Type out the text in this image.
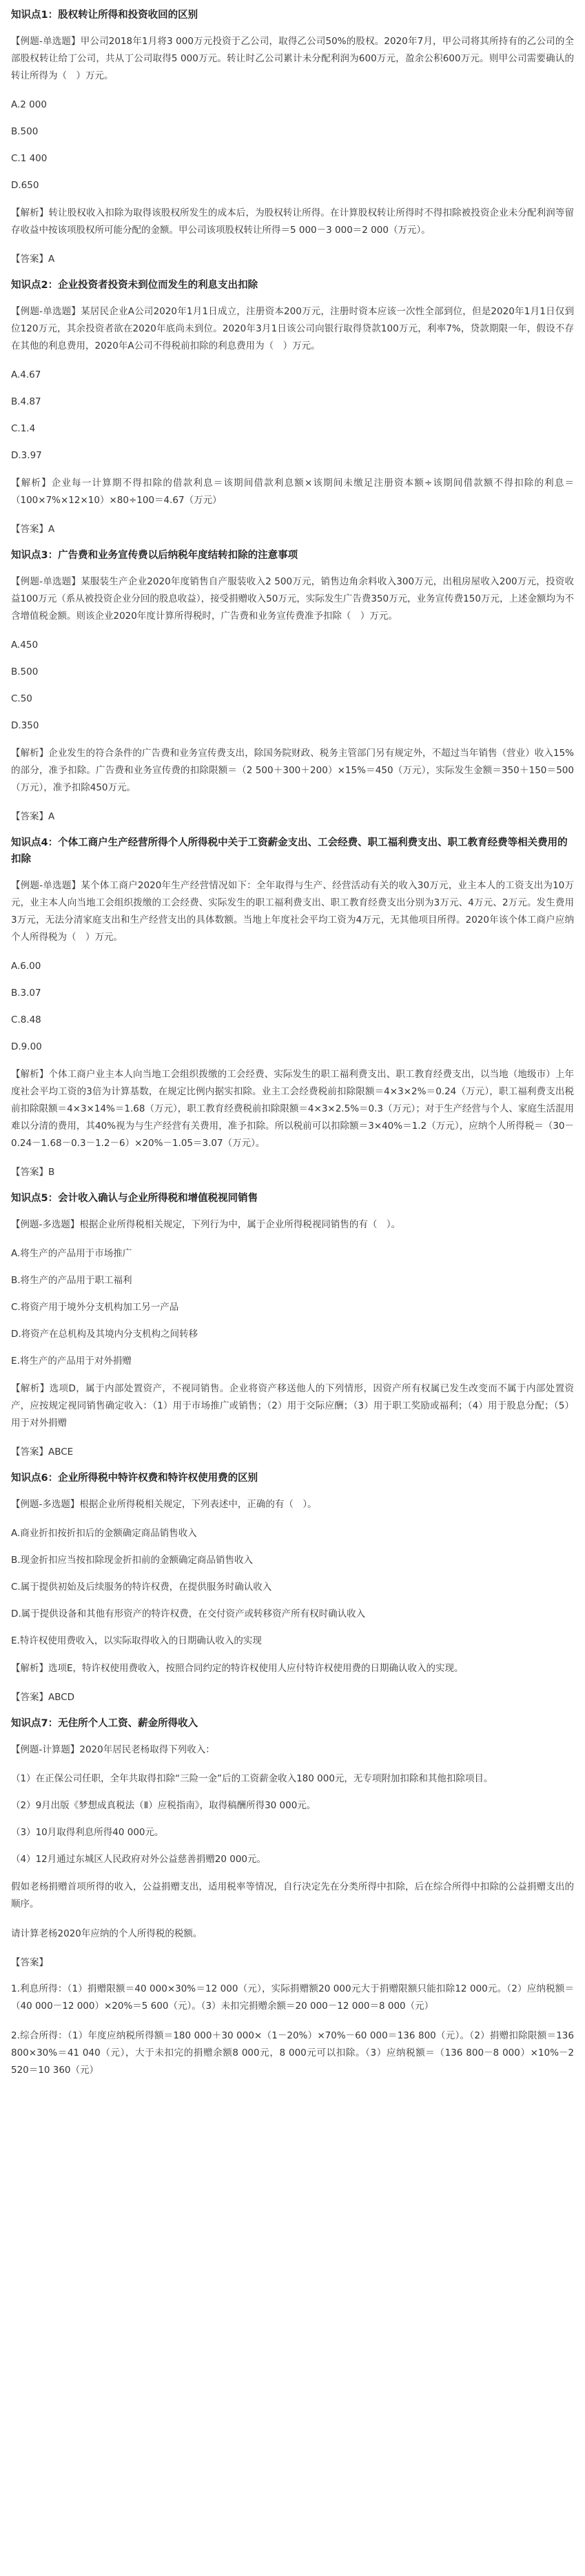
知识点1：股权转让所得和投资收回的区别
【例题-单选题】甲公司2018年1月将3 000万元投资于乙公司，取得乙公司50%的股权。2020年7月，甲公司将其所持有的乙公司的全部股权转让给丁公司，共从丁公司取得5 000万元。转让时乙公司累计未分配利润为600万元，盈余公积600万元。则甲公司需要确认的转让所得为（　）万元。
A.2 000
B.500
C.1 400
D.650
【解析】转让股权收入扣除为取得该股权所发生的成本后，为股权转让所得。在计算股权转让所得时不得扣除被投资企业未分配利润等留存收益中按该项股权所可能分配的金额。甲公司该项股权转让所得＝5 000－3 000＝2 000（万元）。
【答案】A
知识点2：企业投资者投资未到位而发生的利息支出扣除
【例题-单选题】某居民企业A公司2020年1月1日成立，注册资本200万元，注册时资本应该一次性全部到位，但是2020年1月1日仅到位120万元，其余投资者欲在2020年底尚未到位。2020年3月1日该公司向银行取得贷款100万元，利率7%，贷款期限一年，假设不存在其他的利息费用，2020年A公司不得税前扣除的利息费用为（　）万元。
A.4.67
B.4.87
C.1.4
D.3.97
【解析】企业每一计算期不得扣除的借款利息＝该期间借款利息额×该期间未缴足注册资本额÷该期间借款额不得扣除的利息＝（100×7%×12×10）×80÷100＝4.67（万元）
【答案】A
知识点3：广告费和业务宣传费以后纳税年度结转扣除的注意事项
【例题-单选题】某服装生产企业2020年度销售自产服装收入2 500万元，销售边角余料收入300万元，出租房屋收入200万元，投资收益100万元（系从被投资企业分回的股息收益），接受捐赠收入50万元，实际发生广告费350万元，业务宣传费150万元，上述金额均为不含增值税金额。则该企业2020年度计算所得税时，广告费和业务宣传费准予扣除（　）万元。
A.450
B.500
C.50
D.350
【解析】企业发生的符合条件的广告费和业务宣传费支出，除国务院财政、税务主管部门另有规定外，不超过当年销售（营业）收入15%的部分，准予扣除。广告费和业务宣传费的扣除限额＝（2 500＋300＋200）×15%＝450（万元），实际发生金额＝350＋150＝500（万元），准予扣除450万元。
【答案】A
知识点4：个体工商户生产经营所得个人所得税中关于工资薪金支出、工会经费、职工福利费支出、职工教育经费等相关费用的扣除
【例题-单选题】某个体工商户2020年生产经营情况如下：全年取得与生产、经营活动有关的收入30万元，业主本人的工资支出为10万元，业主本人向当地工会组织拨缴的工会经费、实际发生的职工福利费支出、职工教育经费支出分别为3万元、4万元、2万元。发生费用3万元，无法分清家庭支出和生产经营支出的具体数额。当地上年度社会平均工资为4万元，无其他项目所得。2020年该个体工商户应纳个人所得税为（　）万元。
A.6.00
B.3.07
C.8.48
D.9.00
【解析】个体工商户业主本人向当地工会组织拨缴的工会经费、实际发生的职工福利费支出、职工教育经费支出，以当地（地级市）上年度社会平均工资的3倍为计算基数，在规定比例内据实扣除。业主工会经费税前扣除限额＝4×3×2%＝0.24（万元），职工福利费支出税前扣除限额＝4×3×14%＝1.68（万元），职工教育经费税前扣除限额＝4×3×2.5%＝0.3（万元）；对于生产经营与个人、家庭生活混用难以分清的费用，其40%视为与生产经营有关费用，准予扣除。所以税前可以扣除额＝3×40%＝1.2（万元），应纳个人所得税＝（30－0.24－1.68－0.3－1.2－6）×20%－1.05＝3.07（万元）。
【答案】B
知识点5：会计收入确认与企业所得税和增值税视同销售
【例题-多选题】根据企业所得税相关规定，下列行为中，属于企业所得税视同销售的有（　）。
A.将生产的产品用于市场推广
B.将生产的产品用于职工福利
C.将资产用于境外分支机构加工另一产品
D.将资产在总机构及其境内分支机构之间转移
E.将生产的产品用于对外捐赠
【解析】选项D，属于内部处置资产，不视同销售。企业将资产移送他人的下列情形，因资产所有权属已发生改变而不属于内部处置资产，应按规定视同销售确定收入：（1）用于市场推广或销售；（2）用于交际应酬；（3）用于职工奖励或福利；（4）用于股息分配；（5）用于对外捐赠
【答案】ABCE
知识点6：企业所得税中特许权费和特许权使用费的区别
【例题-多选题】根据企业所得税相关规定，下列表述中，正确的有（　）。
A.商业折扣按折扣后的金额确定商品销售收入
B.现金折扣应当按扣除现金折扣前的金额确定商品销售收入
C.属于提供初始及后续服务的特许权费，在提供服务时确认收入
D.属于提供设备和其他有形资产的特许权费，在交付资产或转移资产所有权时确认收入
E.特许权使用费收入，以实际取得收入的日期确认收入的实现
【解析】选项E，特许权使用费收入，按照合同约定的特许权使用人应付特许权使用费的日期确认收入的实现。
【答案】ABCD
知识点7：无住所个人工资、薪金所得收入
【例题-计算题】2020年居民老杨取得下列收入：
（1）在正保公司任职，全年共取得扣除“三险一金”后的工资薪金收入180 000元，无专项附加扣除和其他扣除项目。
（2）9月出版《梦想成真税法（Ⅱ）应税指南》，取得稿酬所得30 000元。
（3）10月取得利息所得40 000元。
（4）12月通过东城区人民政府对外公益慈善捐赠20 000元。
假如老杨捐赠首项所得的收入，公益捐赠支出，适用税率等情况，自行决定先在分类所得中扣除，后在综合所得中扣除的公益捐赠支出的顺序。
请计算老杨2020年应纳的个人所得税的税额。
【答案】
1.利息所得：（1）捐赠限额＝40 000×30%＝12 000（元），实际捐赠额20 000元大于捐赠限额只能扣除12 000元。（2）应纳税额＝（40 000－12 000）×20%＝5 600（元）。（3）未扣完捐赠余额＝20 000－12 000＝8 000（元）
2.综合所得：（1）年度应纳税所得额＝180 000＋30 000×（1－20%）×70%－60 000＝136 800（元）。（2）捐赠扣除限额＝136 800×30%＝41 040（元），大于未扣完的捐赠余额8 000元，8 000元可以扣除。（3）应纳税额＝（136 800－8 000）×10%－2 520＝10 360（元）
